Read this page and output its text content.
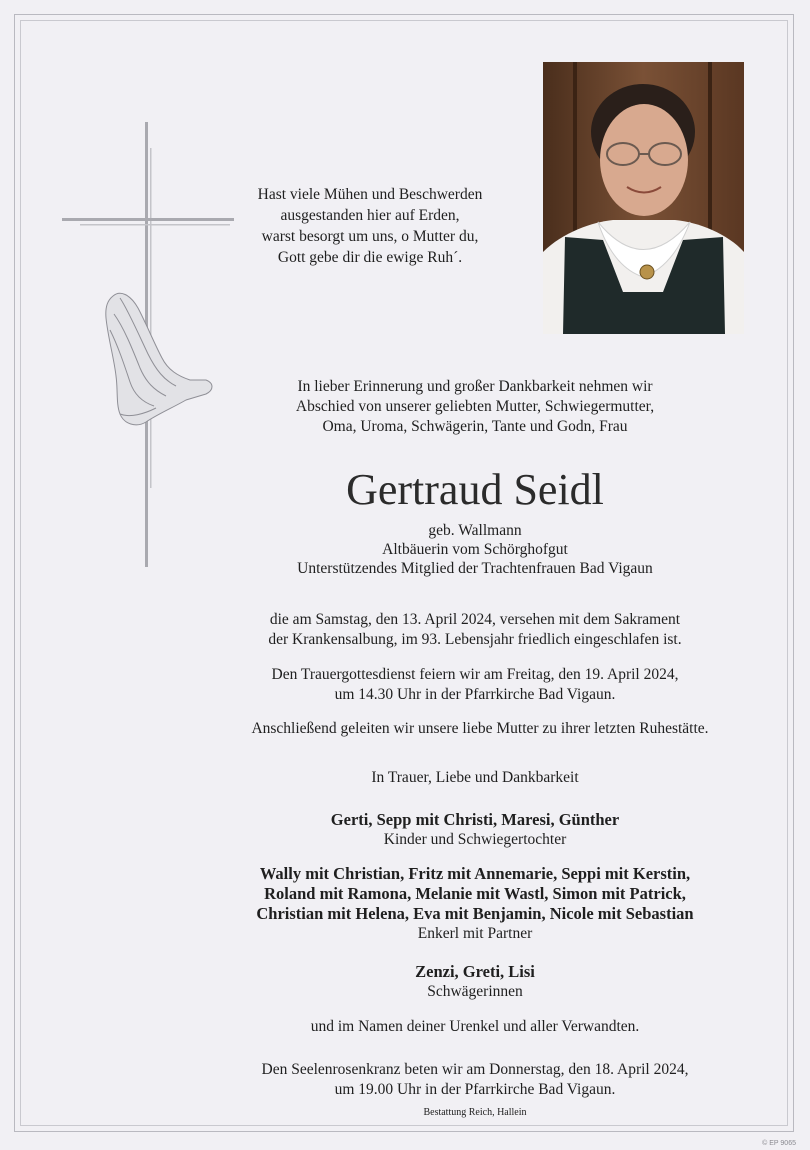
Hast viele Mühen und Beschwerden
ausgestanden hier auf Erden,
warst besorgt um uns, o Mutter du,
Gott gebe dir die ewige Ruh´.
In lieber Erinnerung und großer Dankbarkeit nehmen wir
Abschied von unserer geliebten Mutter, Schwiegermutter,
Oma, Uroma, Schwägerin, Tante und Godn, Frau
Gertraud Seidl
geb. Wallmann
Altbäuerin vom Schörghofgut
Unterstützendes Mitglied der Trachtenfrauen Bad Vigaun
die am Samstag, den 13. April 2024, versehen mit dem Sakrament
der Krankensalbung, im 93. Lebensjahr friedlich eingeschlafen ist.
Den Trauergottesdienst feiern wir am Freitag, den 19. April 2024,
um 14.30 Uhr in der Pfarrkirche Bad Vigaun.
Anschließend geleiten wir unsere liebe Mutter zu ihrer letzten Ruhestätte.
In Trauer, Liebe und Dankbarkeit
Gerti, Sepp mit Christi, Maresi, Günther
Kinder und Schwiegertochter
Wally mit Christian, Fritz mit Annemarie, Seppi mit Kerstin,
Roland mit Ramona, Melanie mit Wastl, Simon mit Patrick,
Christian mit Helena, Eva mit Benjamin, Nicole mit Sebastian
Enkerl mit Partner
Zenzi, Greti, Lisi
Schwägerinnen
und im Namen deiner Urenkel und aller Verwandten.
Den Seelenrosenkranz beten wir am Donnerstag, den 18. April 2024,
um 19.00 Uhr in der Pfarrkirche Bad Vigaun.
Bestattung Reich, Hallein
© EP 9065
